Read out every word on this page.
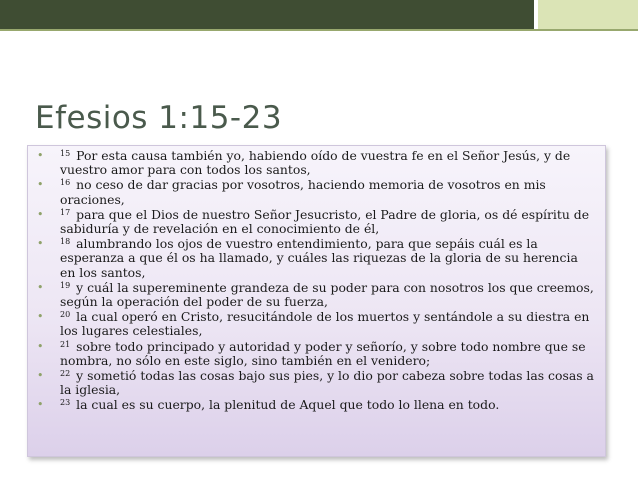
Efesios 1:15-23
• $^{15}$ Por esta causa también yo, habiendo oído de vuestra fe en el Señor Jesús, y de vuestro amor para con todos los santos,
• $^{16}$ no ceso de dar gracias por vosotros, haciendo memoria de vosotros en mis oraciones,
• $^{17}$ para que el Dios de nuestro Señor Jesucristo, el Padre de gloria, os dé espíritu de sabiduría y de revelación en el conocimiento de él,
• $^{18}$ alumbrando los ojos de vuestro entendimiento, para que sepáis cuál es la esperanza a que él os ha llamado, y cuáles las riquezas de la gloria de su herencia en los santos,
• $^{19}$ y cuál la supereminente grandeza de su poder para con nosotros los que creemos, según la operación del poder de su fuerza,
• $^{20}$ la cual operó en Cristo, resucitándole de los muertos y sentándole a su diestra en los lugares celestiales,
• $^{21}$ sobre todo principado y autoridad y poder y señorío, y sobre todo nombre que se nombra, no sólo en este siglo, sino también en el venidero;
• $^{22}$ y sometió todas las cosas bajo sus pies, y lo dio por cabeza sobre todas las cosas a la iglesia,
• $^{23}$ la cual es su cuerpo, la plenitud de Aquel que todo lo llena en todo.
